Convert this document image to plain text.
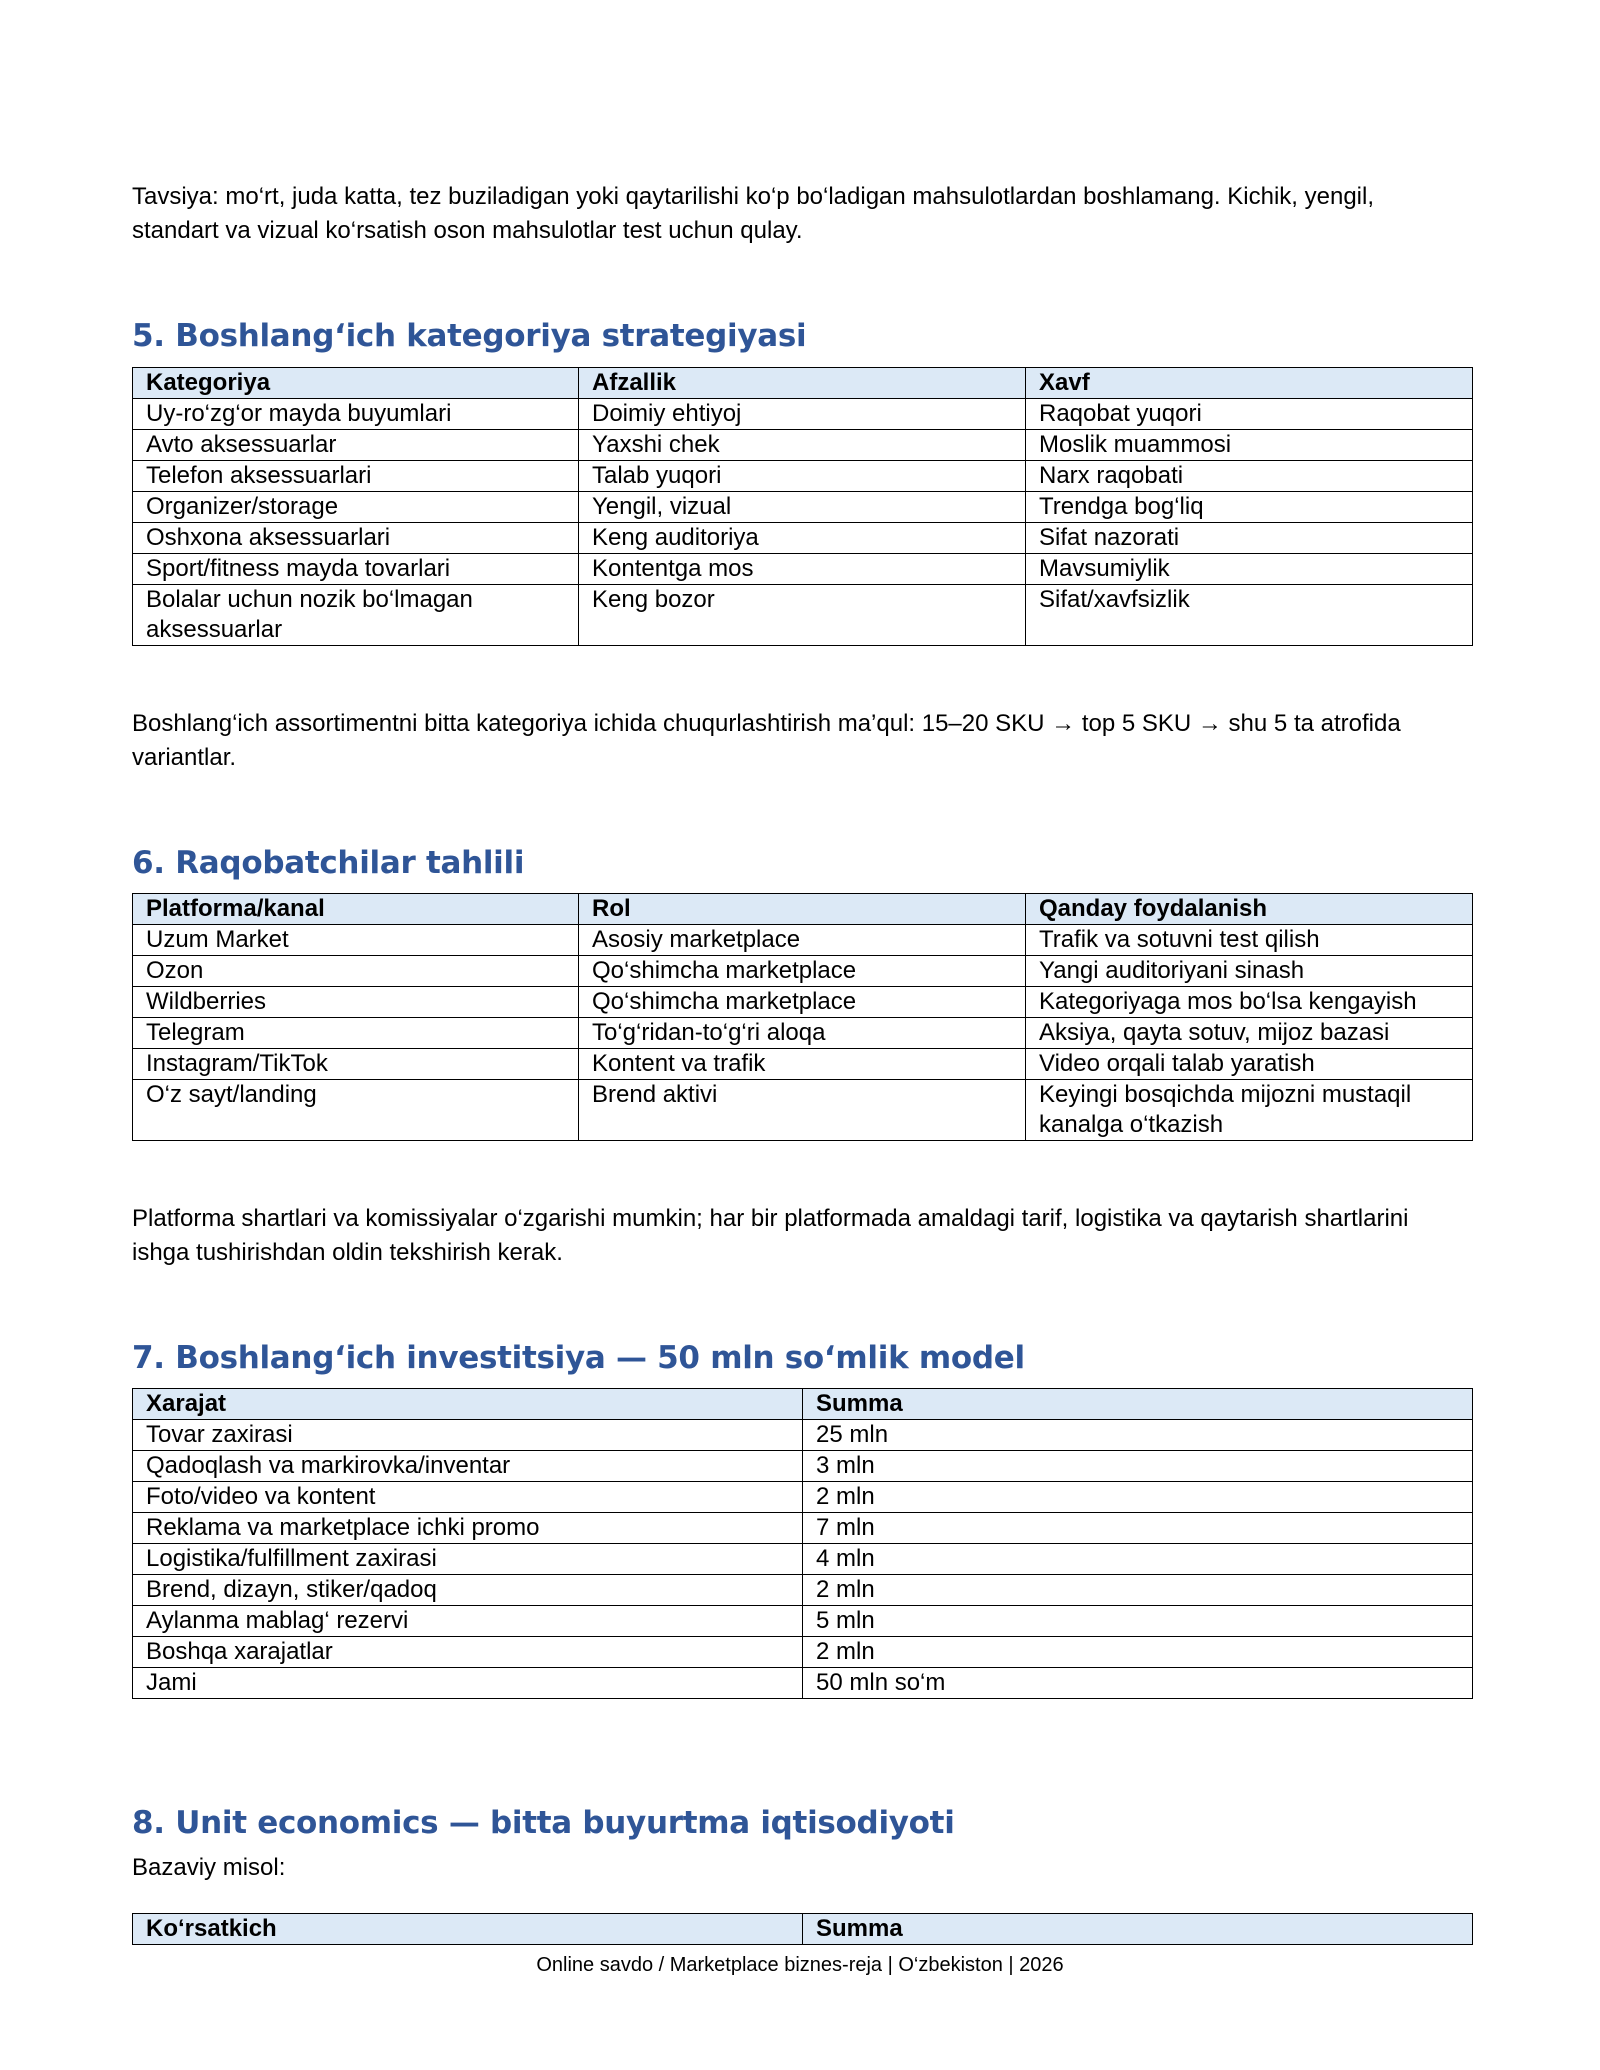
Tavsiya: mo‘rt, juda katta, tez buziladigan yoki qaytarilishi ko‘p bo‘ladigan mahsulotlardan boshlamang. Kichik, yengil, standart va vizual ko‘rsatish oson mahsulotlar test uchun qulay.

5. Boshlang‘ich kategoriya strategiyasi
Kategoriya	Afzallik	Xavf
Uy-ro‘zg‘or mayda buyumlari	Doimiy ehtiyoj	Raqobat yuqori
Avto aksessuarlar	Yaxshi chek	Moslik muammosi
Telefon aksessuarlari	Talab yuqori	Narx raqobati
Organizer/storage	Yengil, vizual	Trendga bog‘liq
Oshxona aksessuarlari	Keng auditoriya	Sifat nazorati
Sport/fitness mayda tovarlari	Kontentga mos	Mavsumiylik
Bolalar uchun nozik bo‘lmagan aksessuarlar	Keng bozor	Sifat/xavfsizlik

Boshlang‘ich assortimentni bitta kategoriya ichida chuqurlashtirish ma’qul: 15–20 SKU → top 5 SKU → shu 5 ta atrofida variantlar.

6. Raqobatchilar tahlili
Platforma/kanal	Rol	Qanday foydalanish
Uzum Market	Asosiy marketplace	Trafik va sotuvni test qilish
Ozon	Qo‘shimcha marketplace	Yangi auditoriyani sinash
Wildberries	Qo‘shimcha marketplace	Kategoriyaga mos bo‘lsa kengayish
Telegram	To‘g‘ridan-to‘g‘ri aloqa	Aksiya, qayta sotuv, mijoz bazasi
Instagram/TikTok	Kontent va trafik	Video orqali talab yaratish
O‘z sayt/landing	Brend aktivi	Keyingi bosqichda mijozni mustaqil kanalga o‘tkazish

Platforma shartlari va komissiyalar o‘zgarishi mumkin; har bir platformada amaldagi tarif, logistika va qaytarish shartlarini ishga tushirishdan oldin tekshirish kerak.

7. Boshlang‘ich investitsiya — 50 mln so‘mlik model
Xarajat	Summa
Tovar zaxirasi	25 mln
Qadoqlash va markirovka/inventar	3 mln
Foto/video va kontent	2 mln
Reklama va marketplace ichki promo	7 mln
Logistika/fulfillment zaxirasi	4 mln
Brend, dizayn, stiker/qadoq	2 mln
Aylanma mablag‘ rezervi	5 mln
Boshqa xarajatlar	2 mln
Jami	50 mln so‘m
8. Unit economics — bitta buyurtma iqtisodiyoti

Bazaviy misol:

Ko‘rsatkich	Summa
Online savdo / Marketplace biznes-reja | O‘zbekiston | 2026
